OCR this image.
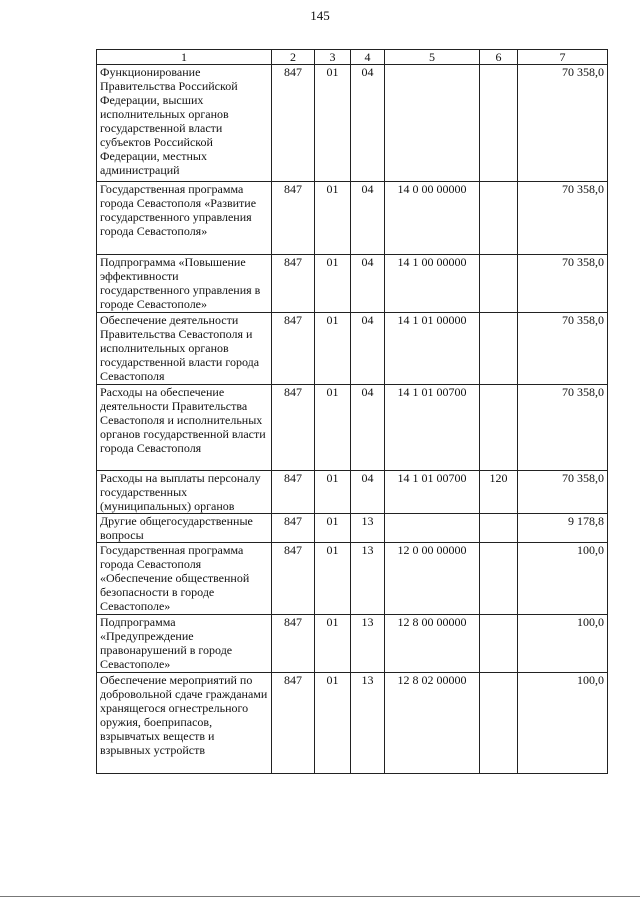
145
1	2	3	4	5	6	7
Функционирование Правительства Российской Федерации, высших исполнительных органов государственной власти субъектов Российской Федерации, местных администраций	847	01	04			70 358,0
Государственная программа города Севастополя «Развитие государственного управления города Севастополя»	847	01	04	14 0 00 00000		70 358,0
Подпрограмма «Повышение эффективности государственного управления в городе Севастополе»	847	01	04	14 1 00 00000		70 358,0
Обеспечение деятельности Правительства Севастополя и исполнительных органов государственной власти города Севастополя	847	01	04	14 1 01 00000		70 358,0
Расходы на обеспечение деятельности Правительства Севастополя и исполнительных органов государственной власти города Севастополя	847	01	04	14 1 01 00700		70 358,0
Расходы на выплаты персоналу государственных (муниципальных) органов	847	01	04	14 1 01 00700	120	70 358,0
Другие общегосударственные вопросы	847	01	13			9 178,8
Государственная программа города Севастополя «Обеспечение общественной безопасности в городе Севастополе»	847	01	13	12 0 00 00000		100,0
Подпрограмма «Предупреждение правонарушений в городе Севастополе»	847	01	13	12 8 00 00000		100,0
Обеспечение мероприятий по добровольной сдаче гражданами хранящегося огнестрельного оружия, боеприпасов, взрывчатых веществ и взрывных устройств	847	01	13	12 8 02 00000		100,0
